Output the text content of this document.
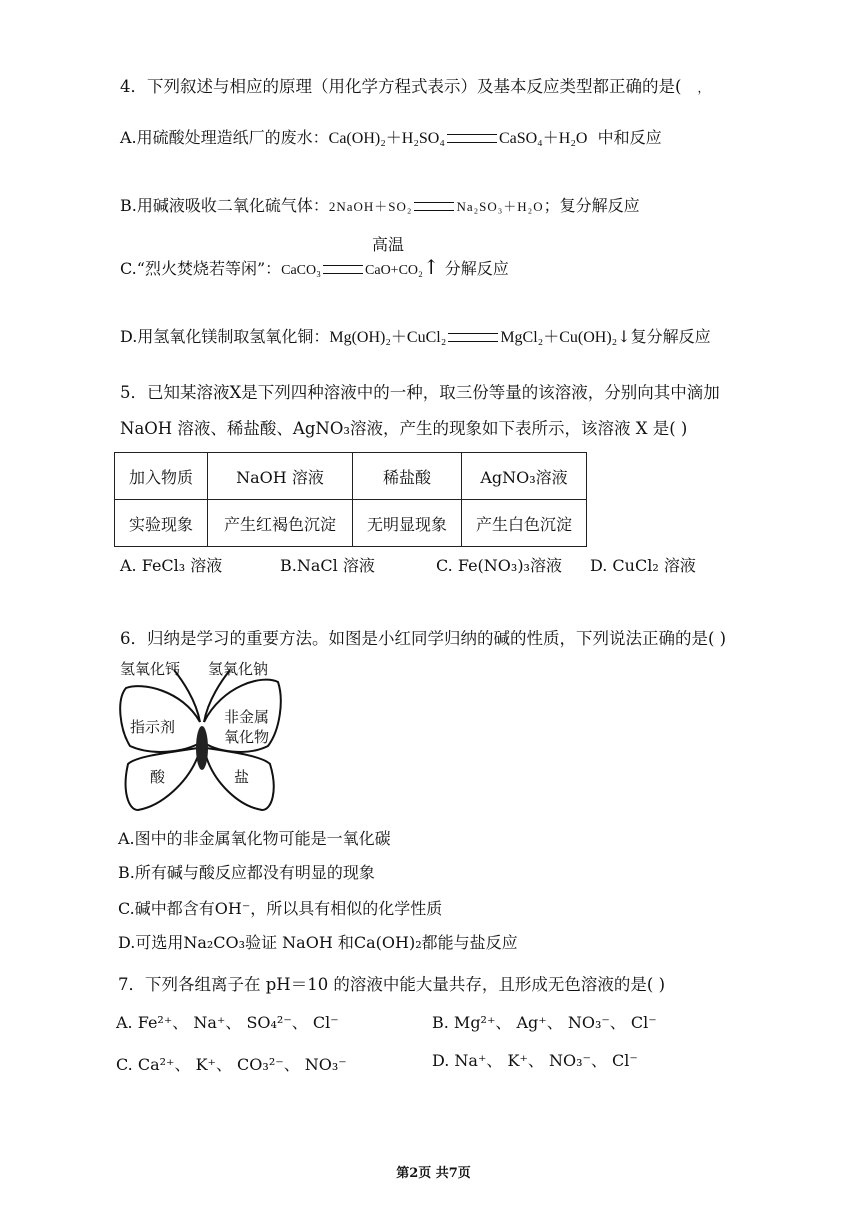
4．下列叙述与相应的原理（用化学方程式表示）及基本反应类型都正确的是( ，
A.用硫酸处理造纸厂的废水：Ca(OH)₂＋H₂SO₄	CaSO₄＋H₂O 中和反应
B.用碱液吸收二氧化硫气体：2NaOH＋SO₂	Na₂SO₃＋H₂O；复分解反应
高温
C.“烈火焚烧若等闲”：CaCO₃	CaO+CO₂↑ 分解反应
D.用氢氧化镁制取氢氧化铜：Mg(OH)₂＋CuCl₂	MgCl₂＋Cu(OH)₂↓复分解反应
5．已知某溶液X是下列四种溶液中的一种，取三份等量的该溶液，分别向其中滴加
NaOH 溶液、稀盐酸、AgNO₃溶液，产生的现象如下表所示，该溶液 X 是( )
加入物质	NaOH 溶液	稀盐酸	AgNO₃溶液
实验现象	产生红褐色沉淀	无明显现象	产生白色沉淀
A. FeCl₃ 溶液	B.NaCl 溶液	C. Fe(NO₃)₃溶液 D. CuCl₂ 溶液
6．归纳是学习的重要方法。如图是小红同学归纳的碱的性质，下列说法正确的是( )
氢氧化钙 氢氧化钠
指示剂
非金属
氧化物
酸	盐
A.图中的非金属氧化物可能是一氧化碳
B.所有碱与酸反应都没有明显的现象
C.碱中都含有OH⁻，所以具有相似的化学性质
D.可选用Na₂CO₃验证 NaOH 和Ca(OH)₂都能与盐反应
7．下列各组离子在 pH＝10 的溶液中能大量共存，且形成无色溶液的是( )
A. Fe²⁺、 Na⁺、 SO₄²⁻、 Cl⁻	B. Mg²⁺、 Ag⁺、 NO₃⁻、 Cl⁻
C. Ca²⁺、 K⁺、 CO₃²⁻、 NO₃⁻	D. Na⁺、 K⁺、 NO₃⁻、 Cl⁻
第2页 共7页
